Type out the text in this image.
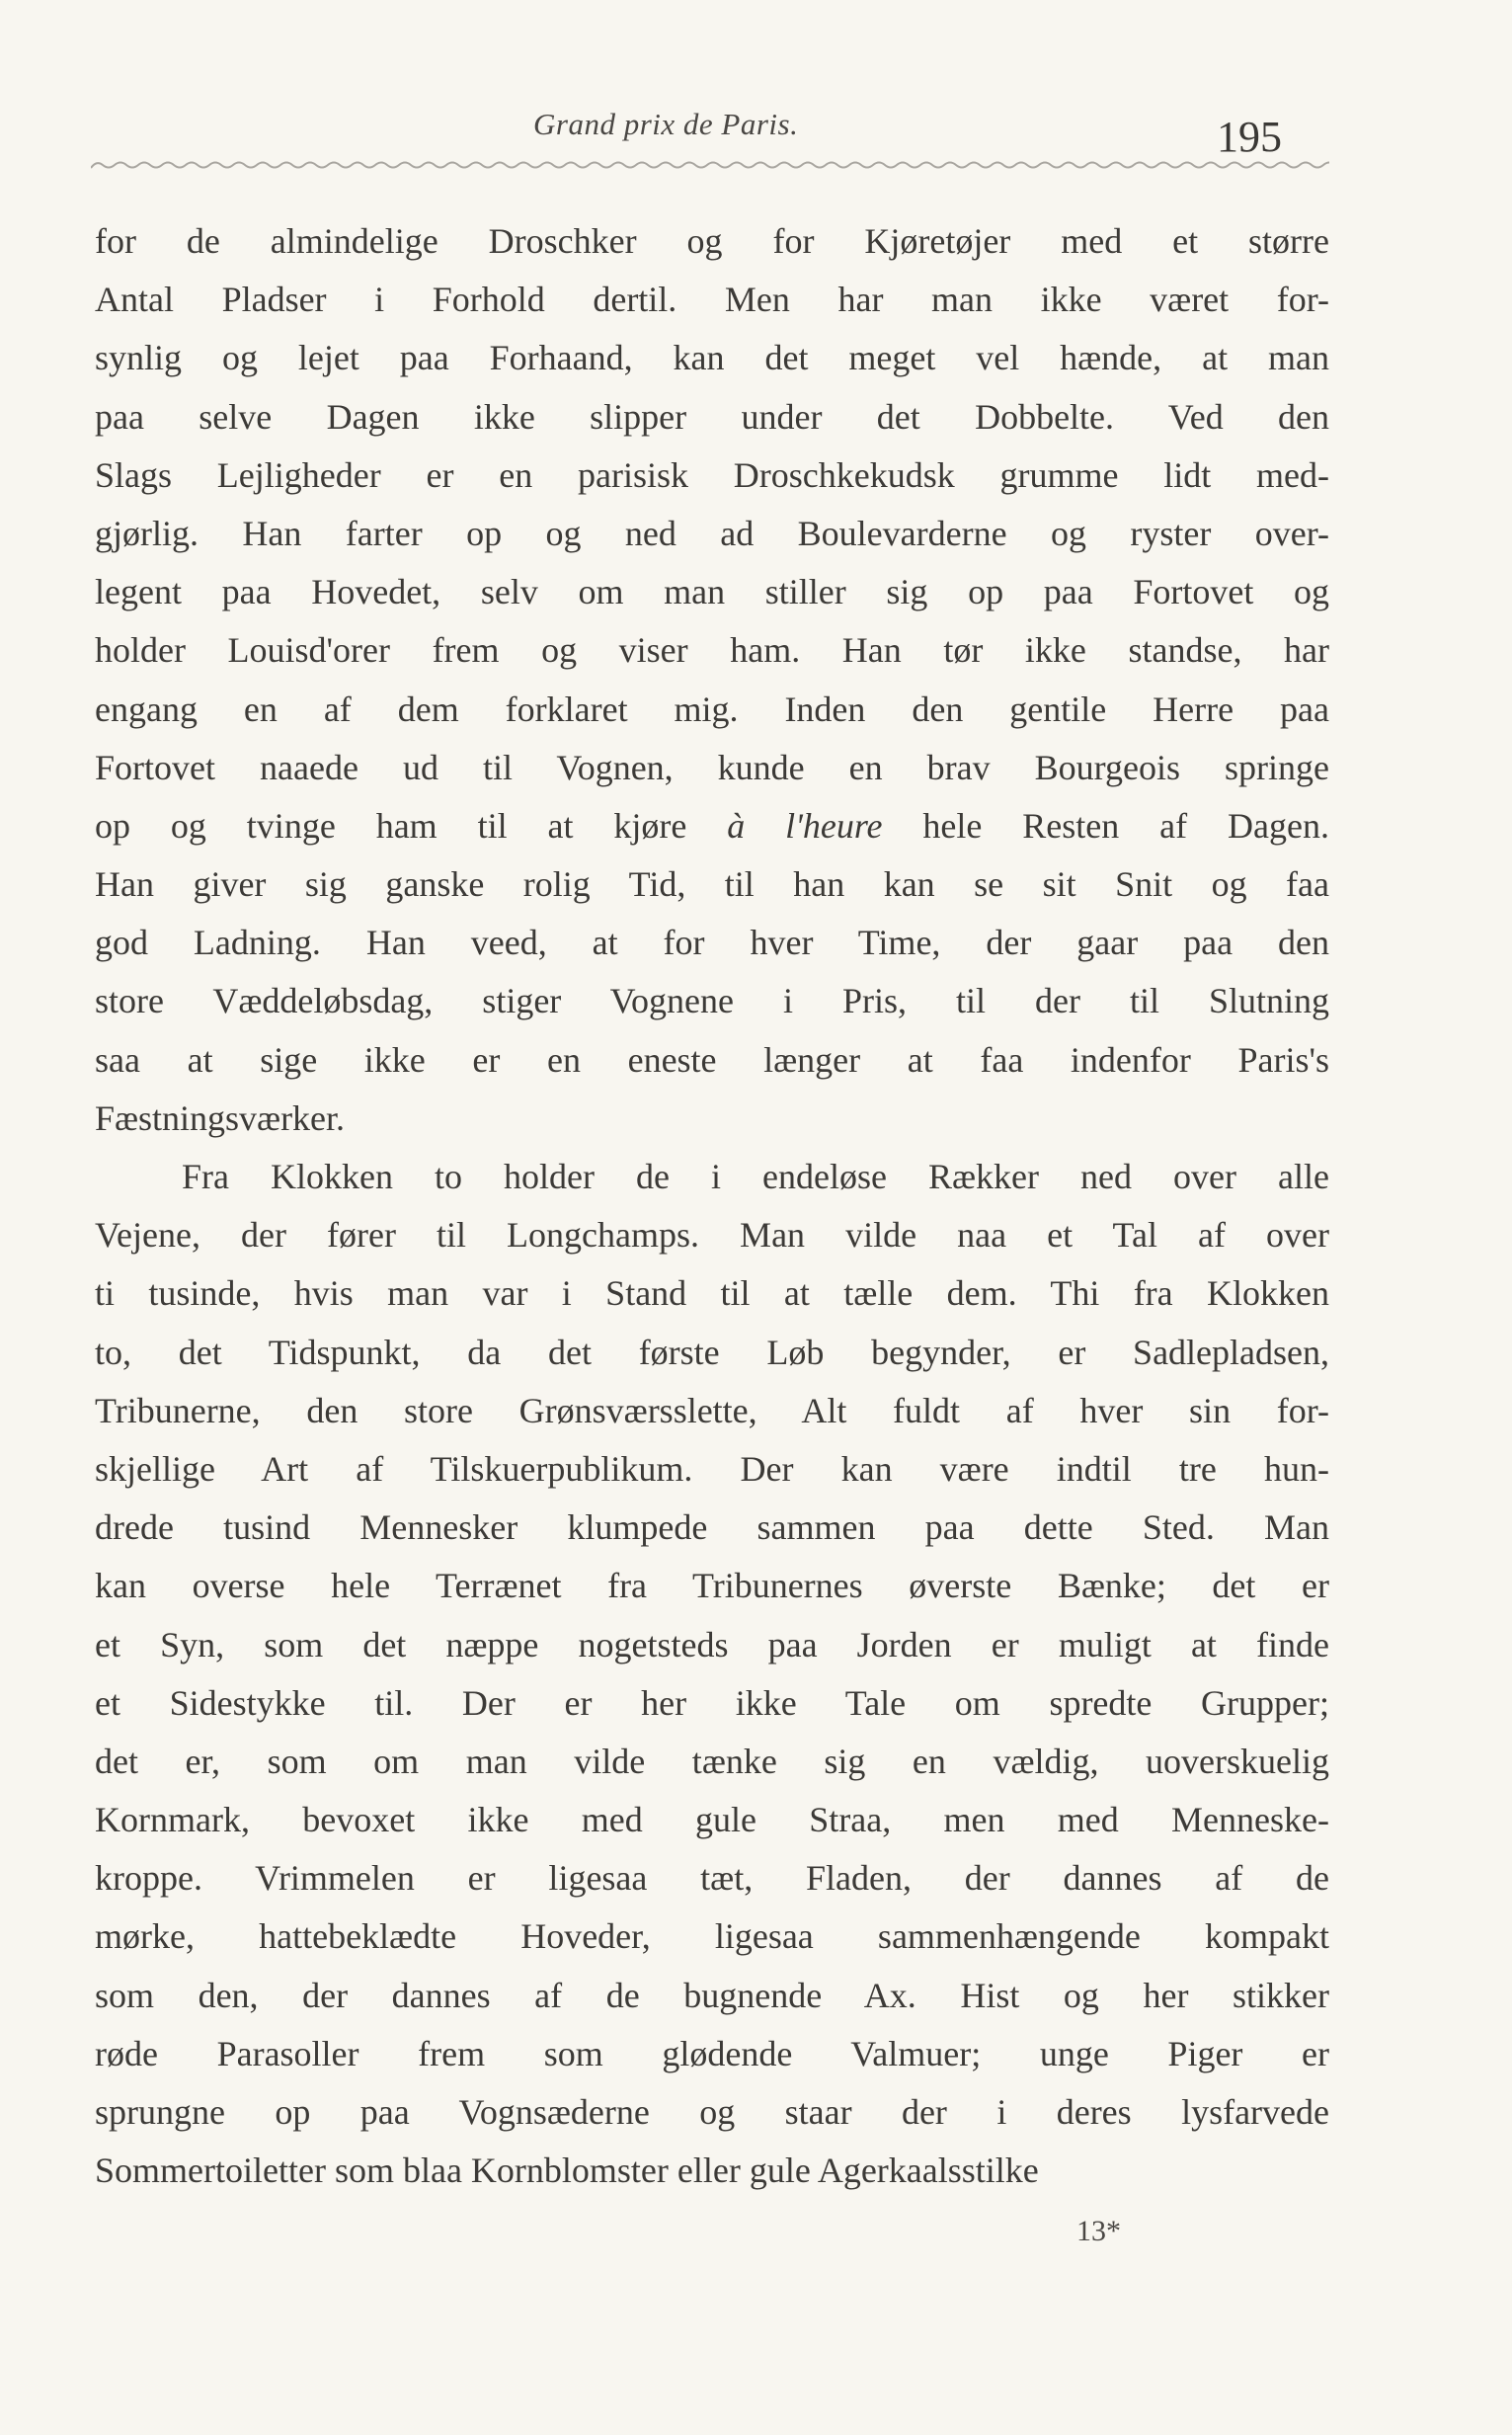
Grand prix de Paris.	195
for de almindelige Droschker og for Kjøretøjer med et større
Antal Pladser i Forhold dertil. Men har man ikke været for-
synlig og lejet paa Forhaand, kan det meget vel hænde, at man
paa selve Dagen ikke slipper under det Dobbelte. Ved den
Slags Lejligheder er en parisisk Droschkekudsk grumme lidt med-
gjørlig. Han farter op og ned ad Boulevarderne og ryster over-
legent paa Hovedet, selv om man stiller sig op paa Fortovet og
holder Louisd'orer frem og viser ham. Han tør ikke standse, har
engang en af dem forklaret mig. Inden den gentile Herre paa
Fortovet naaede ud til Vognen, kunde en brav Bourgeois springe
op og tvinge ham til at kjøre à l'heure hele Resten af Dagen.
Han giver sig ganske rolig Tid, til han kan se sit Snit og faa
god Ladning. Han veed, at for hver Time, der gaar paa den
store Væddeløbsdag, stiger Vognene i Pris, til der til Slutning
saa at sige ikke er en eneste længer at faa indenfor Paris's
Fæstningsværker.
Fra Klokken to holder de i endeløse Rækker ned over alle
Vejene, der fører til Longchamps. Man vilde naa et Tal af over
ti tusinde, hvis man var i Stand til at tælle dem. Thi fra Klokken
to, det Tidspunkt, da det første Løb begynder, er Sadlepladsen,
Tribunerne, den store Grønsværsslette, Alt fuldt af hver sin for-
skjellige Art af Tilskuerpublikum. Der kan være indtil tre hun-
drede tusind Mennesker klumpede sammen paa dette Sted. Man
kan overse hele Terrænet fra Tribunernes øverste Bænke; det er
et Syn, som det næppe nogetsteds paa Jorden er muligt at finde
et Sidestykke til. Der er her ikke Tale om spredte Grupper;
det er, som om man vilde tænke sig en vældig, uoverskuelig
Kornmark, bevoxet ikke med gule Straa, men med Menneske-
kroppe. Vrimmelen er ligesaa tæt, Fladen, der dannes af de
mørke, hattebeklædte Hoveder, ligesaa sammenhængende kompakt
som den, der dannes af de bugnende Ax. Hist og her stikker
røde Parasoller frem som glødende Valmuer; unge Piger er
sprungne op paa Vognsæderne og staar der i deres lysfarvede
Sommertoiletter som blaa Kornblomster eller gule Agerkaalsstilke
13*
